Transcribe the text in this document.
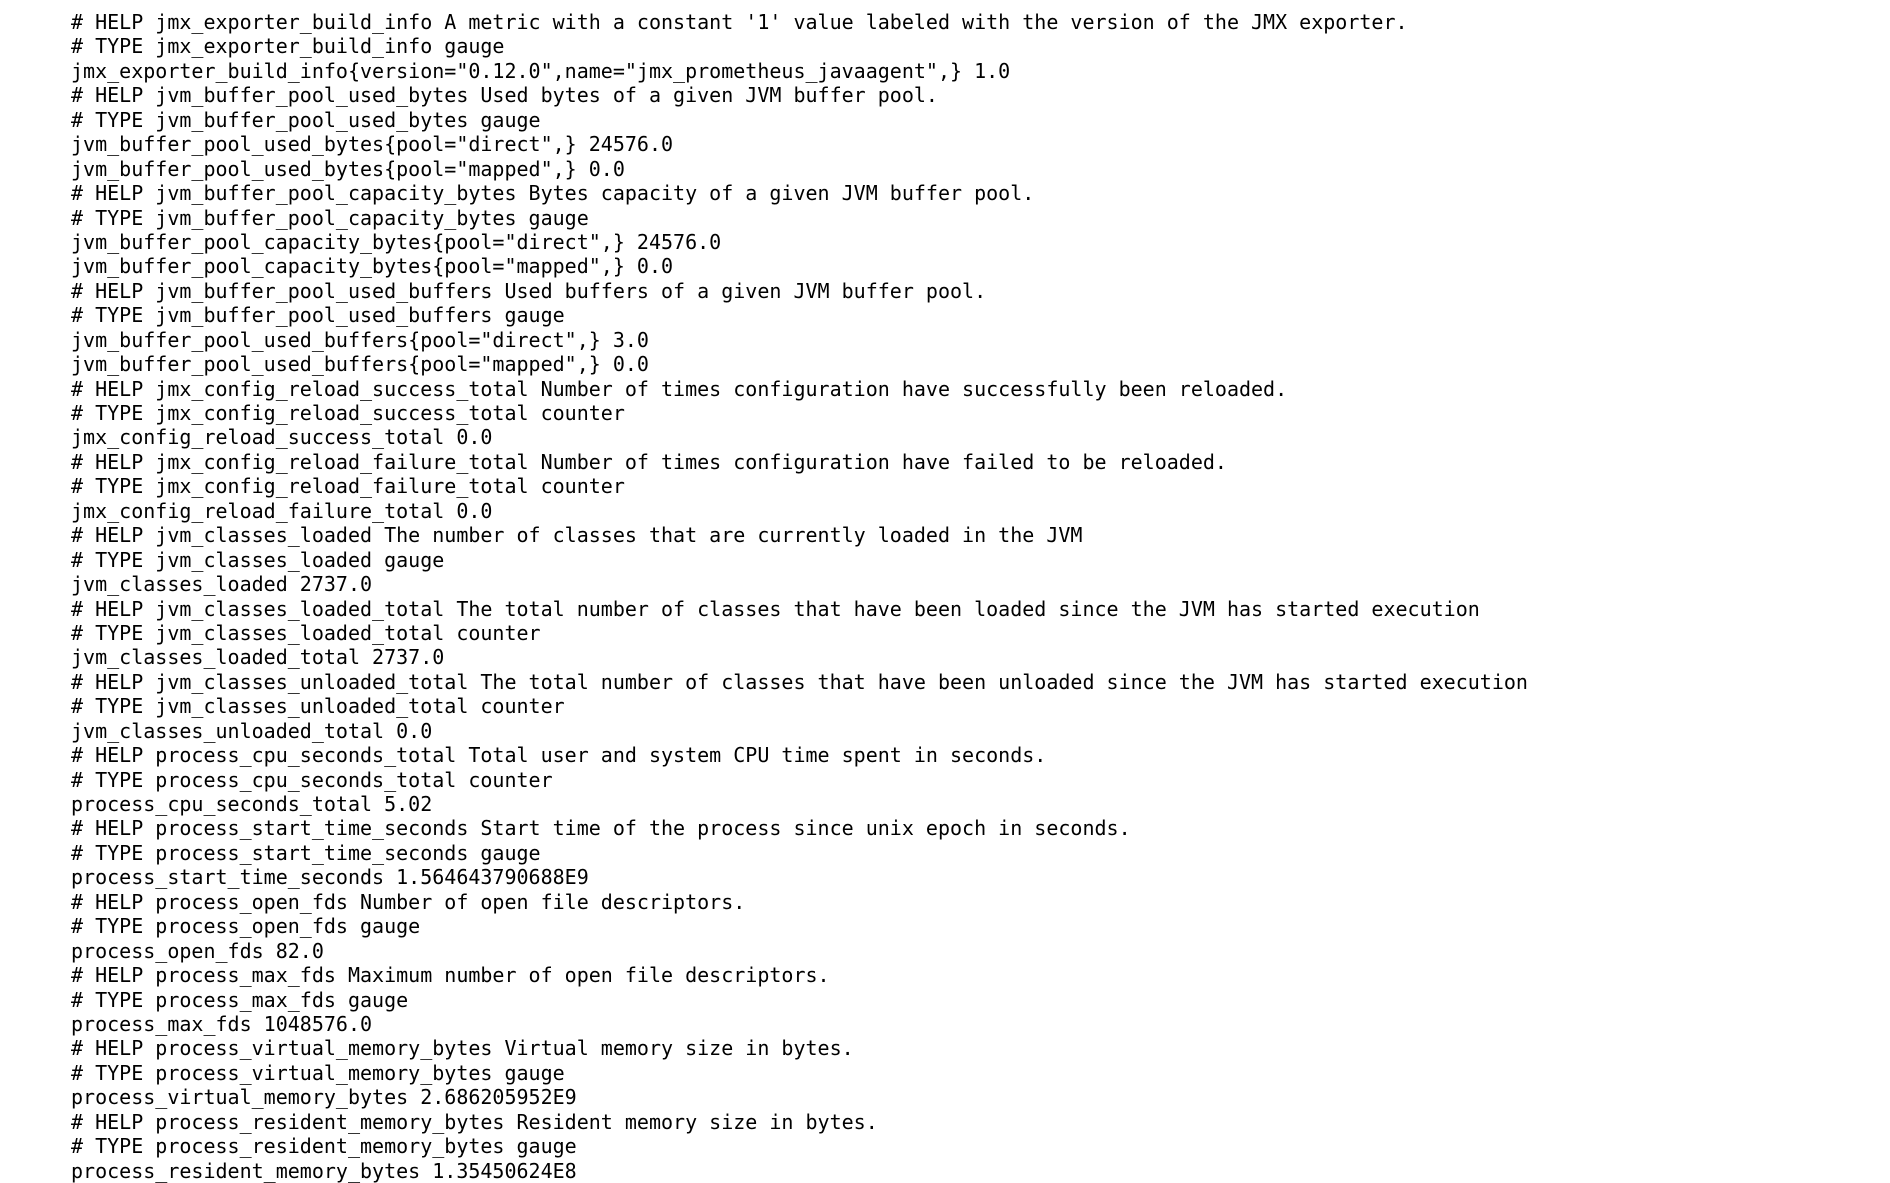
# HELP jmx_exporter_build_info A metric with a constant '1' value labeled with the version of the JMX exporter.
# TYPE jmx_exporter_build_info gauge
jmx_exporter_build_info{version="0.12.0",name="jmx_prometheus_javaagent",} 1.0
# HELP jvm_buffer_pool_used_bytes Used bytes of a given JVM buffer pool.
# TYPE jvm_buffer_pool_used_bytes gauge
jvm_buffer_pool_used_bytes{pool="direct",} 24576.0
jvm_buffer_pool_used_bytes{pool="mapped",} 0.0
# HELP jvm_buffer_pool_capacity_bytes Bytes capacity of a given JVM buffer pool.
# TYPE jvm_buffer_pool_capacity_bytes gauge
jvm_buffer_pool_capacity_bytes{pool="direct",} 24576.0
jvm_buffer_pool_capacity_bytes{pool="mapped",} 0.0
# HELP jvm_buffer_pool_used_buffers Used buffers of a given JVM buffer pool.
# TYPE jvm_buffer_pool_used_buffers gauge
jvm_buffer_pool_used_buffers{pool="direct",} 3.0
jvm_buffer_pool_used_buffers{pool="mapped",} 0.0
# HELP jmx_config_reload_success_total Number of times configuration have successfully been reloaded.
# TYPE jmx_config_reload_success_total counter
jmx_config_reload_success_total 0.0
# HELP jmx_config_reload_failure_total Number of times configuration have failed to be reloaded.
# TYPE jmx_config_reload_failure_total counter
jmx_config_reload_failure_total 0.0
# HELP jvm_classes_loaded The number of classes that are currently loaded in the JVM
# TYPE jvm_classes_loaded gauge
jvm_classes_loaded 2737.0
# HELP jvm_classes_loaded_total The total number of classes that have been loaded since the JVM has started execution
# TYPE jvm_classes_loaded_total counter
jvm_classes_loaded_total 2737.0
# HELP jvm_classes_unloaded_total The total number of classes that have been unloaded since the JVM has started execution
# TYPE jvm_classes_unloaded_total counter
jvm_classes_unloaded_total 0.0
# HELP process_cpu_seconds_total Total user and system CPU time spent in seconds.
# TYPE process_cpu_seconds_total counter
process_cpu_seconds_total 5.02
# HELP process_start_time_seconds Start time of the process since unix epoch in seconds.
# TYPE process_start_time_seconds gauge
process_start_time_seconds 1.564643790688E9
# HELP process_open_fds Number of open file descriptors.
# TYPE process_open_fds gauge
process_open_fds 82.0
# HELP process_max_fds Maximum number of open file descriptors.
# TYPE process_max_fds gauge
process_max_fds 1048576.0
# HELP process_virtual_memory_bytes Virtual memory size in bytes.
# TYPE process_virtual_memory_bytes gauge
process_virtual_memory_bytes 2.686205952E9
# HELP process_resident_memory_bytes Resident memory size in bytes.
# TYPE process_resident_memory_bytes gauge
process_resident_memory_bytes 1.35450624E8
